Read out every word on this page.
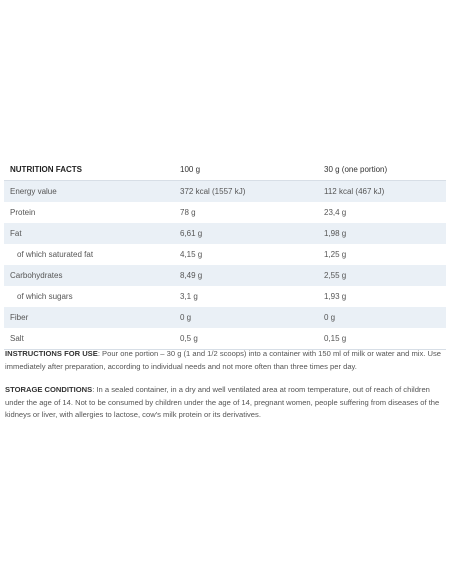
NUTRITION FACTS	100 g	30 g (one portion)
Energy value	372 kcal (1557 kJ)	112 kcal (467 kJ)
Protein	78 g	23,4 g
Fat	6,61 g	1,98 g
of which saturated fat	4,15 g	1,25 g
Carbohydrates	8,49 g	2,55 g
of which sugars	3,1 g	1,93 g
Fiber	0 g	0 g
Salt	0,5 g	0,15 g

INSTRUCTIONS FOR USE: Pour one portion – 30 g (1 and 1/2 scoops) into a container with 150 ml of milk or water and mix. Use immediately after preparation, according to individual needs and not more often than three times per day.

STORAGE CONDITIONS: In a sealed container, in a dry and well ventilated area at room temperature, out of reach of children under the age of 14. Not to be consumed by children under the age of 14, pregnant women, people suffering from diseases of the kidneys or liver, with allergies to lactose, cow's milk protein or its derivatives.
